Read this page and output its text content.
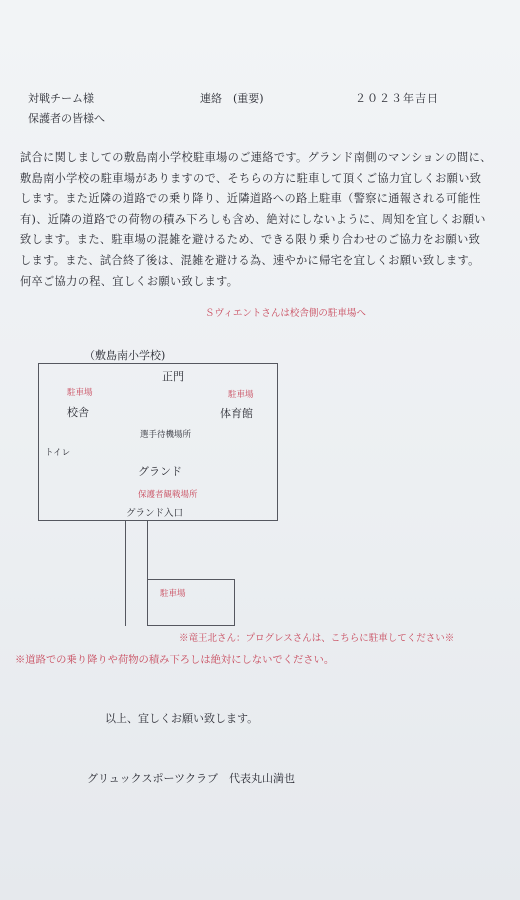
対戦チーム様	連絡　(重要)	２０２３年吉日
保護者の皆様へ
試合に関しましての敷島南小学校駐車場のご連絡です。グランド南側のマンションの間に、
敷島南小学校の駐車場がありますので、そちらの方に駐車して頂くご協力宜しくお願い致
します。また近隣の道路での乗り降り、近隣道路への路上駐車（警察に通報される可能性
有)、近隣の道路での荷物の積み下ろしも含め、絶対にしないように、周知を宜しくお願い
致します。また、駐車場の混雑を避けるため、できる限り乗り合わせのご協力をお願い致
します。また、試合終了後は、混雑を避ける為、速やかに帰宅を宜しくお願い致します。
何卒ご協力の程、宜しくお願い致します。
Ｓヴィエントさんは校舎側の駐車場へ
（敷島南小学校)
正門
駐車場	駐車場
校舎	体育館
選手待機場所
トイレ
グランド
保護者観戦場所
グランド入口
駐車場
※竜王北さん：プログレスさんは、こちらに駐車してください※
※道路での乗り降りや荷物の積み下ろしは絶対にしないでください。
以上、宜しくお願い致します。
グリュックスポーツクラブ　代表丸山満也
